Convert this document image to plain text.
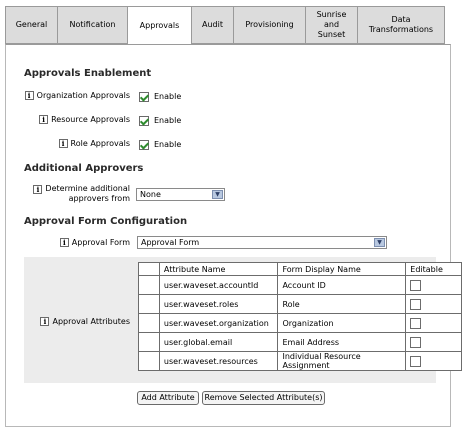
General	Notification	Approvals	Audit	Provisioning
Sunrise and Sunset
Data Transformations
Approvals Enablement
i Organization Approvals	Enable
i Resource Approvals	Enable
i Role Approvals	Enable
Additional Approvers
i Determine additional
approvers from	None	▼
Approval Form Configuration
i Approval Form	Approval Form	▼
i Approval Attributes
	Attribute Name	Form Display Name	Editable
	user.waveset.accountId	Account ID	

	user.waveset.roles	Role	

	user.waveset.organization	Organization	

	user.global.email	Email Address	

	user.waveset.resources	Individual Resource Assignment	
Add Attribute	Remove Selected Attribute(s)
